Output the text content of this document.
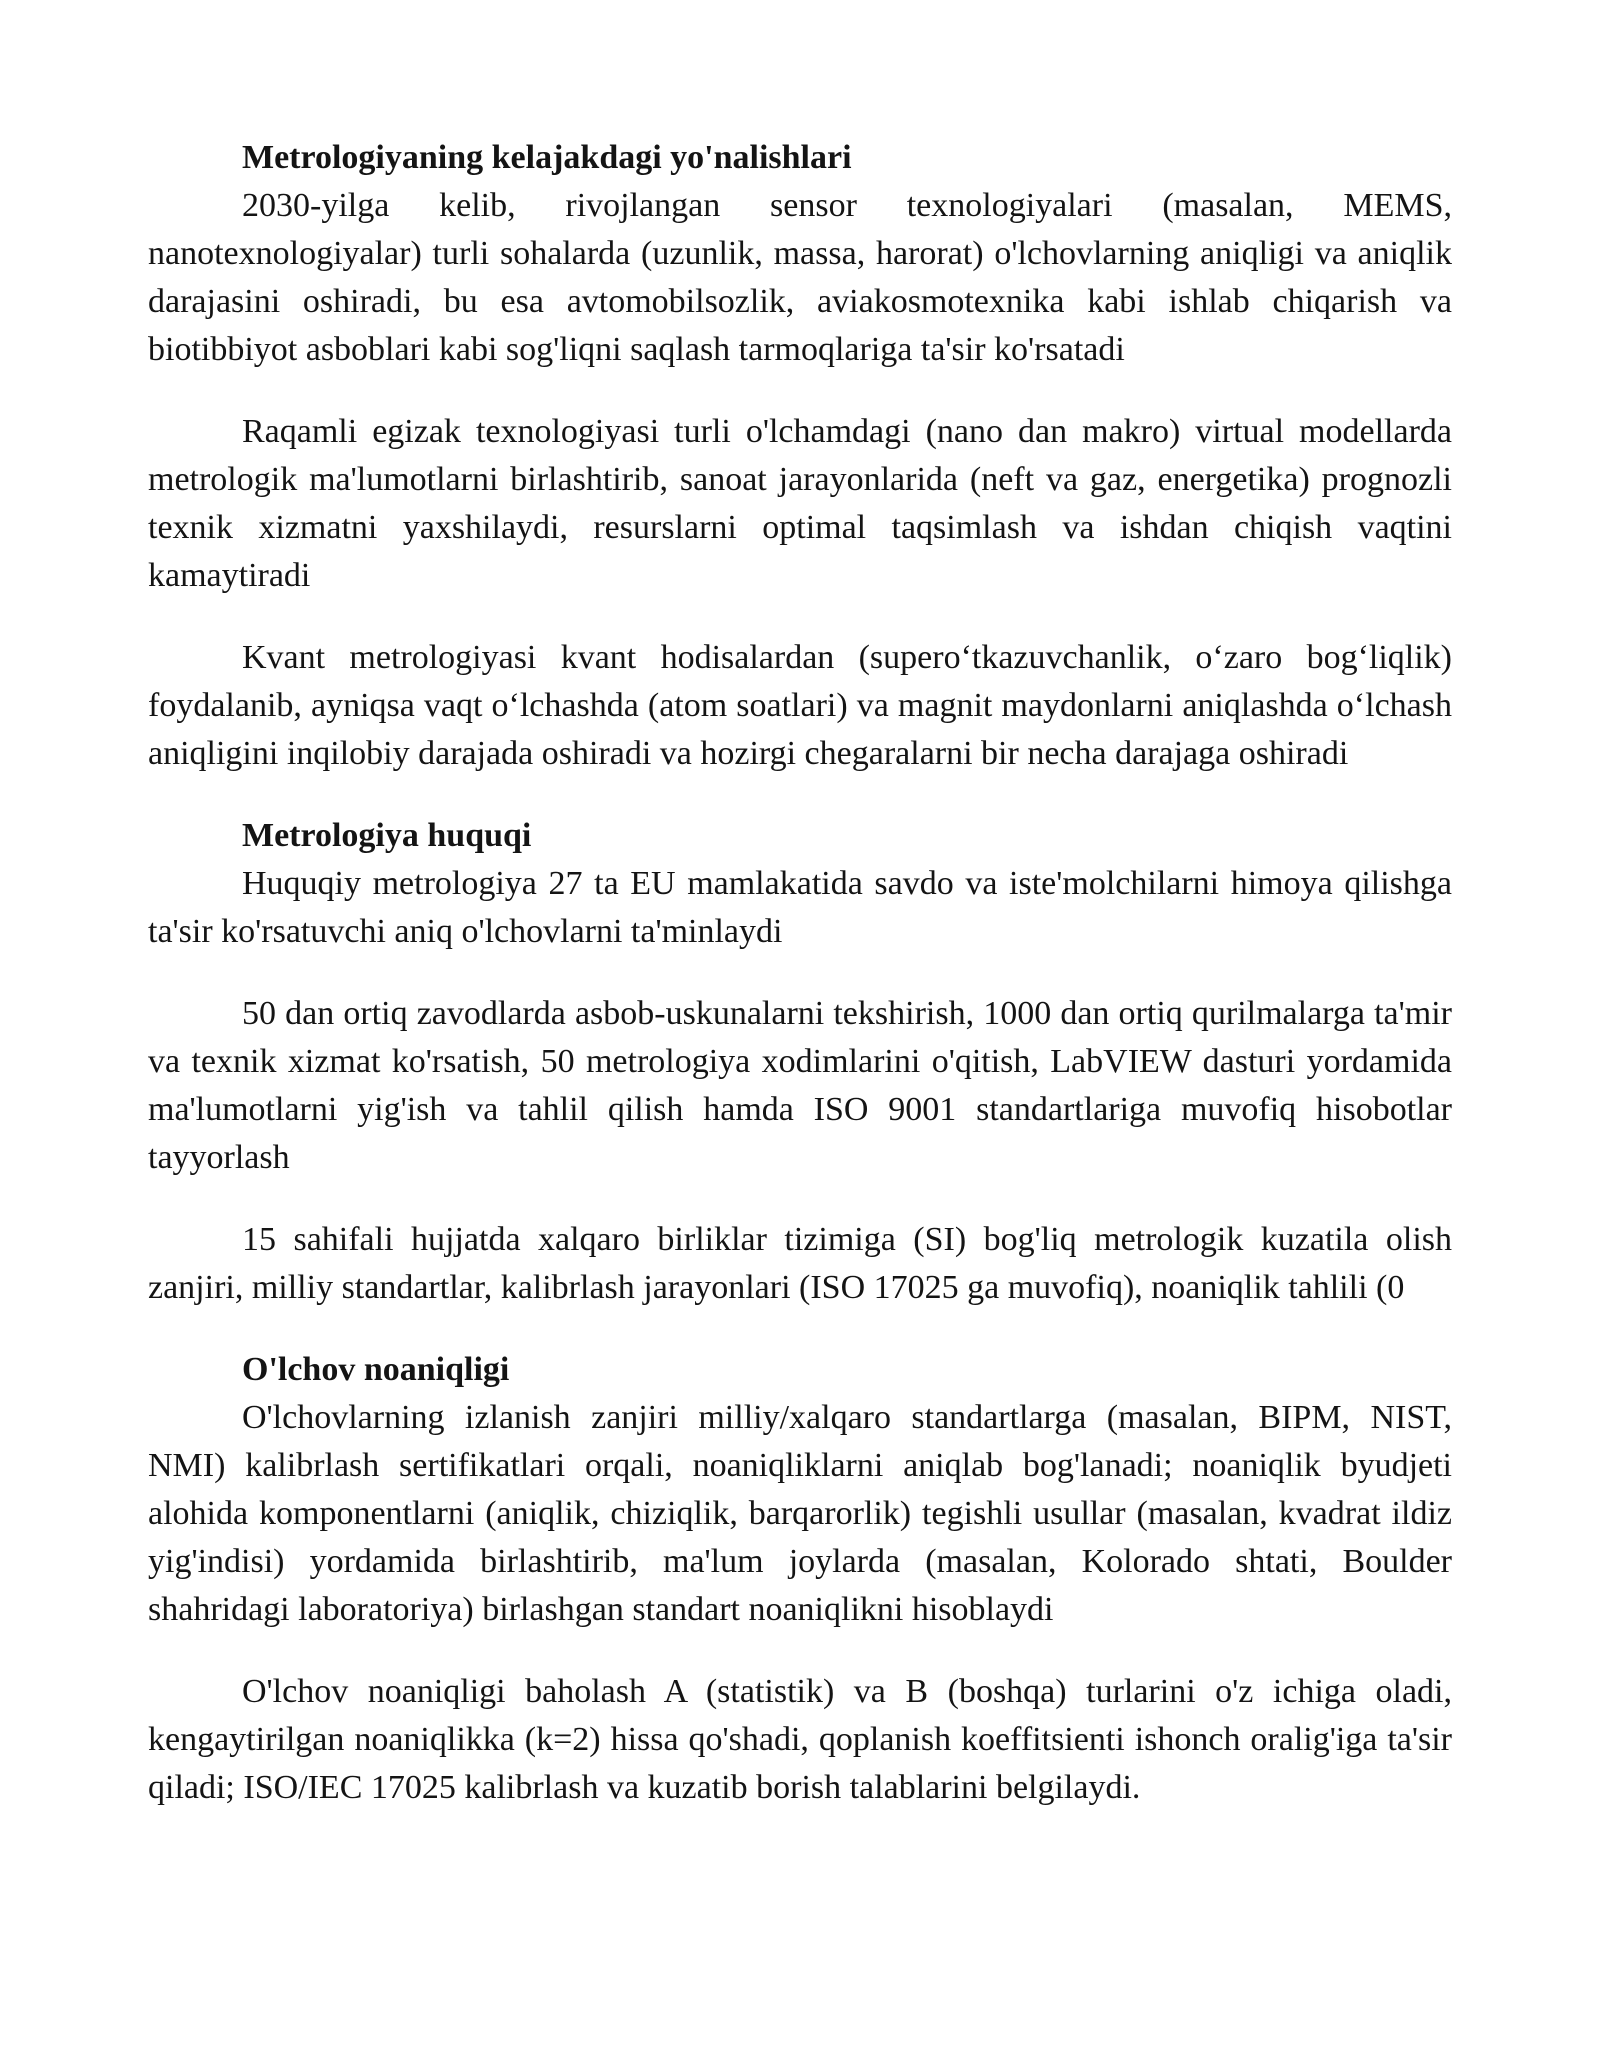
Metrologiyaning kelajakdagi yo'nalishlari

2030-yilga kelib, rivojlangan sensor texnologiyalari (masalan, MEMS, nanotexnologiyalar) turli sohalarda (uzunlik, massa, harorat) o'lchovlarning aniqligi va aniqlik darajasini oshiradi, bu esa avtomobilsozlik, aviakosmotexnika kabi ishlab chiqarish va biotibbiyot asboblari kabi sog'liqni saqlash tarmoqlariga ta'sir ko'rsatadi

Raqamli egizak texnologiyasi turli o'lchamdagi (nano dan makro) virtual modellarda metrologik ma'lumotlarni birlashtirib, sanoat jarayonlarida (neft va gaz, energetika) prognozli texnik xizmatni yaxshilaydi, resurslarni optimal taqsimlash va ishdan chiqish vaqtini kamaytiradi

Kvant metrologiyasi kvant hodisalardan (supero‘tkazuvchanlik, o‘zaro bog‘liqlik) foydalanib, ayniqsa vaqt o‘lchashda (atom soatlari) va magnit maydonlarni aniqlashda o‘lchash aniqligini inqilobiy darajada oshiradi va hozirgi chegaralarni bir necha darajaga oshiradi

Metrologiya huquqi

Huquqiy metrologiya 27 ta EU mamlakatida savdo va iste'molchilarni himoya qilishga ta'sir ko'rsatuvchi aniq o'lchovlarni ta'minlaydi

50 dan ortiq zavodlarda asbob-uskunalarni tekshirish, 1000 dan ortiq qurilmalarga ta'mir va texnik xizmat ko'rsatish, 50 metrologiya xodimlarini o'qitish, LabVIEW dasturi yordamida ma'lumotlarni yig'ish va tahlil qilish hamda ISO 9001 standartlariga muvofiq hisobotlar tayyorlash

15 sahifali hujjatda xalqaro birliklar tizimiga (SI) bog'liq metrologik kuzatila olish zanjiri, milliy standartlar, kalibrlash jarayonlari (ISO 17025 ga muvofiq), noaniqlik tahlili (0

O'lchov noaniqligi

O'lchovlarning izlanish zanjiri milliy/xalqaro standartlarga (masalan, BIPM, NIST, NMI) kalibrlash sertifikatlari orqali, noaniqliklarni aniqlab bog'lanadi; noaniqlik byudjeti alohida komponentlarni (aniqlik, chiziqlik, barqarorlik) tegishli usullar (masalan, kvadrat ildiz yig'indisi) yordamida birlashtirib, ma'lum joylarda (masalan, Kolorado shtati, Boulder shahridagi laboratoriya) birlashgan standart noaniqlikni hisoblaydi

O'lchov noaniqligi baholash A (statistik) va B (boshqa) turlarini o'z ichiga oladi, kengaytirilgan noaniqlikka (k=2) hissa qo'shadi, qoplanish koeffitsienti ishonch oralig'iga ta'sir qiladi; ISO/IEC 17025 kalibrlash va kuzatib borish talablarini belgilaydi.
